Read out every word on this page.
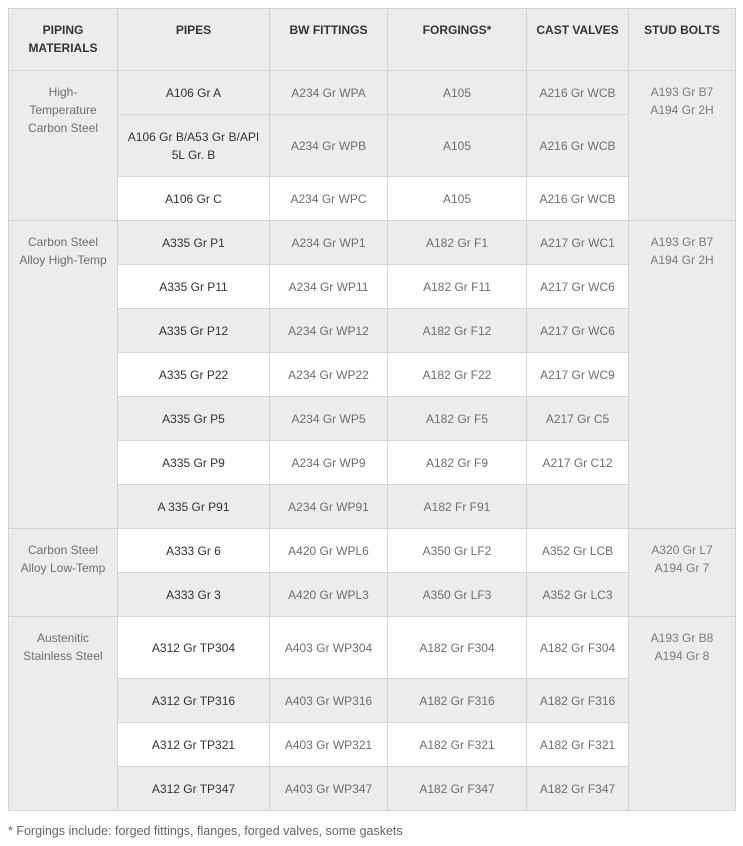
PIPING MATERIALS	PIPES	BW FITTINGS	FORGINGS*	CAST VALVES	STUD BOLTS
High-Temperature Carbon Steel	A106 Gr A	A234 Gr WPA	A105	A216 Gr WCB	A193 Gr B7 A194 Gr 2H
	A106 Gr B/A53 Gr B/API 5L Gr. B	A234 Gr WPB	A105	A216 Gr WCB	
	A106 Gr C	A234 Gr WPC	A105	A216 Gr WCB	
Carbon Steel Alloy High-Temp	A335 Gr P1	A234 Gr WP1	A182 Gr F1	A217 Gr WC1	A193 Gr B7 A194 Gr 2H
	A335 Gr P11	A234 Gr WP11	A182 Gr F11	A217 Gr WC6	
	A335 Gr P12	A234 Gr WP12	A182 Gr F12	A217 Gr WC6	
	A335 Gr P22	A234 Gr WP22	A182 Gr F22	A217 Gr WC9	
	A335 Gr P5	A234 Gr WP5	A182 Gr F5	A217 Gr C5	
	A335 Gr P9	A234 Gr WP9	A182 Gr F9	A217 Gr C12	
	A 335 Gr P91	A234 Gr WP91	A182 Fr F91		
Carbon Steel Alloy Low-Temp	A333 Gr 6	A420 Gr WPL6	A350 Gr LF2	A352 Gr LCB	A320 Gr L7 A194 Gr 7
	A333 Gr 3	A420 Gr WPL3	A350 Gr LF3	A352 Gr LC3	
Austenitic Stainless Steel	A312 Gr TP304	A403 Gr WP304	A182 Gr F304	A182 Gr F304	A193 Gr B8 A194 Gr 8
	A312 Gr TP316	A403 Gr WP316	A182 Gr F316	A182 Gr F316	
	A312 Gr TP321	A403 Gr WP321	A182 Gr F321	A182 Gr F321	
	A312 Gr TP347	A403 Gr WP347	A182 Gr F347	A182 Gr F347	
* Forgings include: forged fittings, flanges, forged valves, some gaskets
